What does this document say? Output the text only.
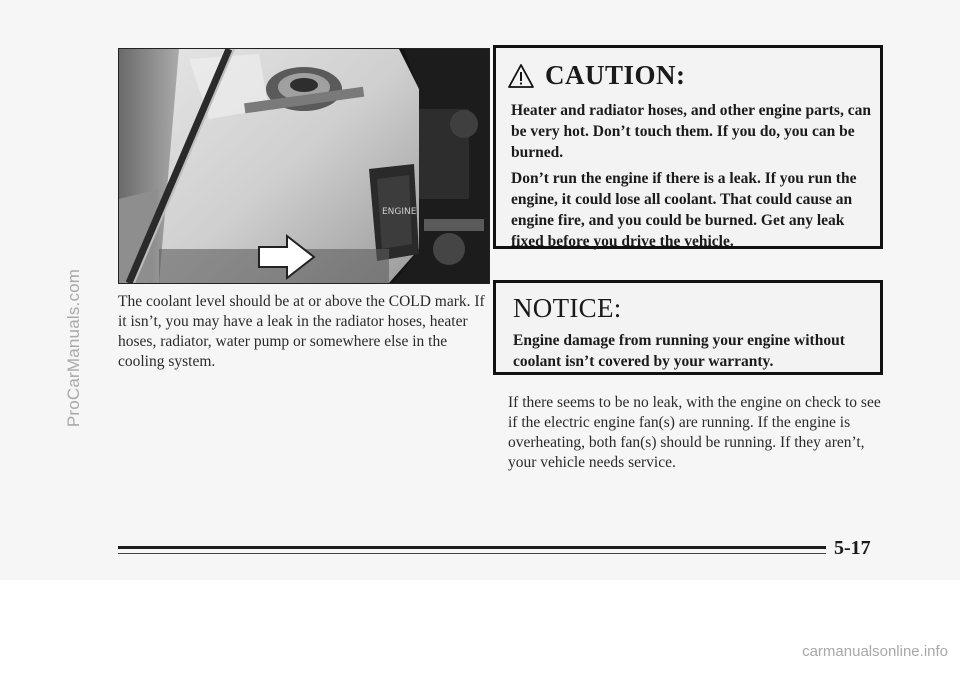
ProCarManuals.com
carmanualsonline.info
ENGINE
The coolant level should be at or above the COLD mark. If it isn’t, you may have a leak in the radiator hoses, heater hoses, radiator, water pump or somewhere else in the cooling system.
CAUTION:

Heater and radiator hoses, and other engine parts, can be very hot. Don’t touch them. If you do, you can be burned.

Don’t run the engine if there is a leak. If you run the engine, it could lose all coolant. That could cause an engine fire, and you could be burned. Get any leak fixed before you drive the vehicle.

NOTICE:
Engine damage from running your engine without coolant isn’t covered by your warranty.
If there seems to be no leak, with the engine on check to see if the electric engine fan(s) are running. If the engine is overheating, both fan(s) should be running. If they aren’t, your vehicle needs service.
5-17
